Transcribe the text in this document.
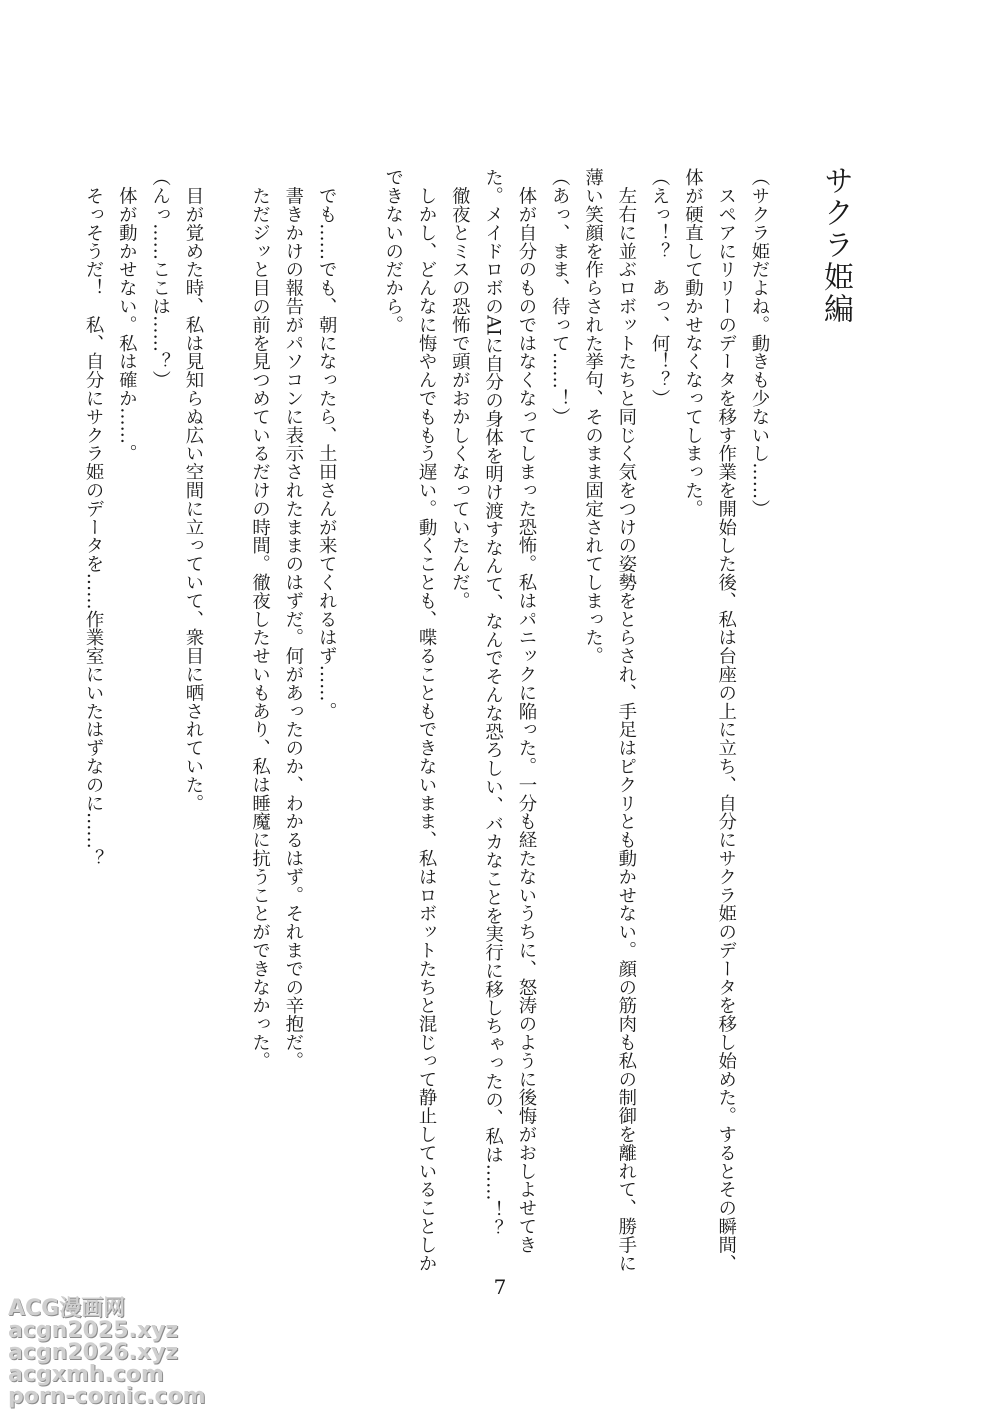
サクラ姫編

（サクラ姫だよね。動きも少ないし……）

　スペアにリリーのデータを移す作業を開始した後、私は台座の上に立ち、自分にサクラ姫のデータを移し始めた。するとその瞬間、体が硬直して動かせなくなってしまった。

（えっ！？　あっ、何！？）

　左右に並ぶロボットたちと同じく気をつけの姿勢をとらされ、手足はピクリとも動かせない。顔の筋肉も私の制御を離れて、勝手に薄い笑顔を作らされた挙句、そのまま固定されてしまった。

（あっ、まま、待って……！）

　体が自分のものではなくなってしまった恐怖。私はパニックに陥った。一分も経たないうちに、怒涛のように後悔がおしよせてきた。メイドロボのAIに自分の身体を明け渡すなんて、なんでそんな恐ろしい、バカなことを実行に移しちゃったの、私は……！？

　徹夜とミスの恐怖で頭がおかしくなっていたんだ。

　しかし、どんなに悔やんでももう遅い。動くことも、喋ることもできないまま、私はロボットたちと混じって静止していることしかできないのだから。

　でも……でも、朝になったら、土田さんが来てくれるはず……。

　書きかけの報告がパソコンに表示されたままのはずだ。何があったのか、わかるはず。それまでの辛抱だ。

　ただジッと目の前を見つめているだけの時間。徹夜したせいもあり、私は睡魔に抗うことができなかった。

　目が覚めた時、私は見知らぬ広い空間に立っていて、衆目に晒されていた。

（んっ……ここは……？）

　体が動かせない。私は確か……。

　そっそうだ！　私、自分にサクラ姫のデータを……作業室にいたはずなのに……？

7
ACG漫画网
acgn2025.xyz
acgn2026.xyz
acgxmh.com
porn-comic.com
